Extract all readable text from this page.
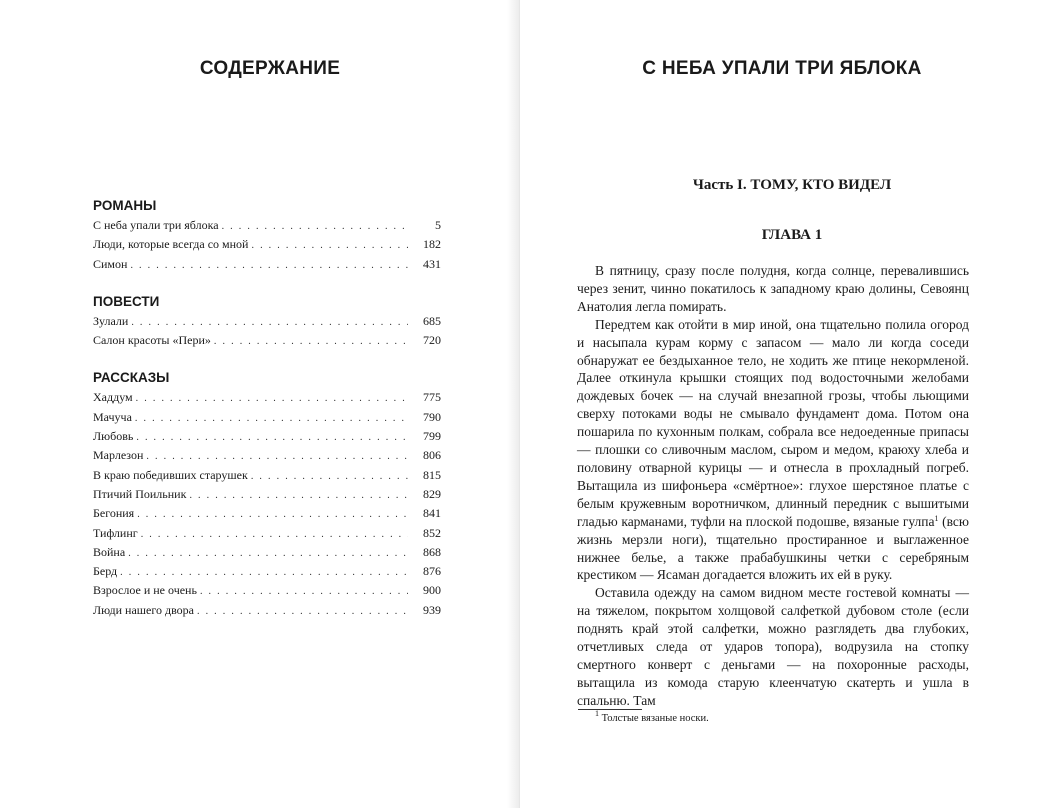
СОДЕРЖАНИЕ
РОМАНЫ
С неба упали три яблока . . .	5
Люди, которые всегда со мной . . .	182
Симон . . .	431
ПОВЕСТИ
Зулали . . .	685
Салон красоты «Пери» . . .	720
РАССКАЗЫ
Хаддум . . .	775
Мачуча . . .	790
Любовь . . .	799
Марлезон . . .	806
В краю победивших старушек . . .	815
Птичий Поильник . . .	829
Бегония . . .	841
Тифлинг . . .	852
Война . . .	868
Берд . . .	876
Взрослое и не очень . . .	900
Люди нашего двора . . .	939
С НЕБА УПАЛИ ТРИ ЯБЛОКА
Часть I. ТОМУ, КТО ВИДЕЛ
ГЛАВА 1

В пятницу, сразу после полудня, когда солнце, перевалившись через зенит, чинно покатилось к западному краю долины, Севоянц Анатолия легла помирать.

Передтем как отойти в мир иной, она тщательно полила огород и насыпала курам корму с запасом — мало ли когда соседи обнаружат ее бездыханное тело, не ходить же птице некормленой. Далее откинула крышки стоящих под водосточными желобами дождевых бочек — на случай внезапной грозы, чтобы льющими сверху потоками воды не смывало фундамент дома. Потом она пошарила по кухонным полкам, собрала все недоеденные припасы — плошки со сливочным маслом, сыром и медом, краюху хлеба и половину отварной курицы — и отнесла в прохладный погреб. Вытащила из шифоньера «смёртное»: глухое шерстяное платье с белым кружевным воротничком, длинный передник с вышитыми гладью карманами, туфли на плоской подошве, вязаные гулпа$^1$ (всю жизнь мерзли ноги), тщательно простиранное и выглаженное нижнее белье, а также прабабушкины четки с серебряным крестиком — Ясаман догадается вложить их ей в руку.

Оставила одежду на самом видном месте гостевой комнаты — на тяжелом, покрытом холщовой салфеткой дубовом столе (если поднять край этой салфетки, можно разглядеть два глубоких, отчетливых следа от ударов топора), водрузила на стопку смертного конверт с деньгами — на похоронные расходы, вытащила из комода старую клеенчатую скатерть и ушла в спальню. Там

$^1$ Толстые вязаные носки.
